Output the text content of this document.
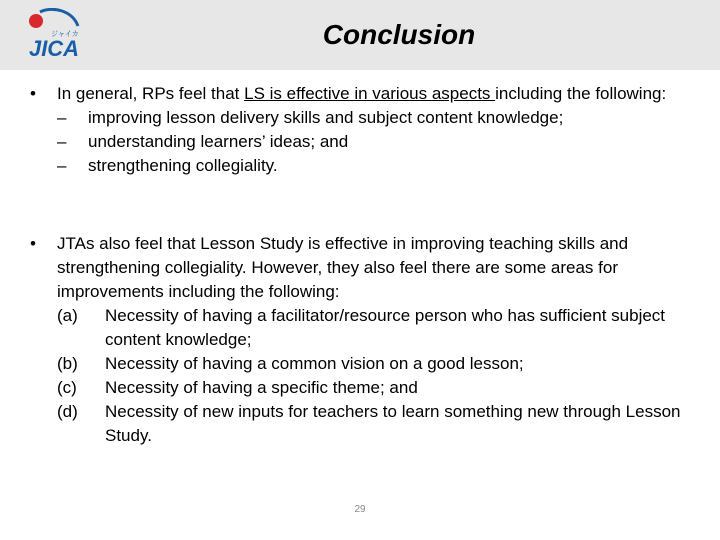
ジャイカ
JICA	Conclusion
•	In general, RPs feel that LS is effective in various aspects including the following:
– improving lesson delivery skills and subject content knowledge;
– understanding learners’ ideas; and
– strengthening collegiality.
•	JTAs also feel that Lesson Study is effective in improving teaching skills and strengthening collegiality. However, they also feel there are some areas for improvements including the following:
(a) Necessity of having a facilitator/resource person who has sufficient subject content knowledge;
(b) Necessity of having a common vision on a good lesson;
(c) Necessity of having a specific theme; and
(d) Necessity of new inputs for teachers to learn something new through Lesson Study.
29
